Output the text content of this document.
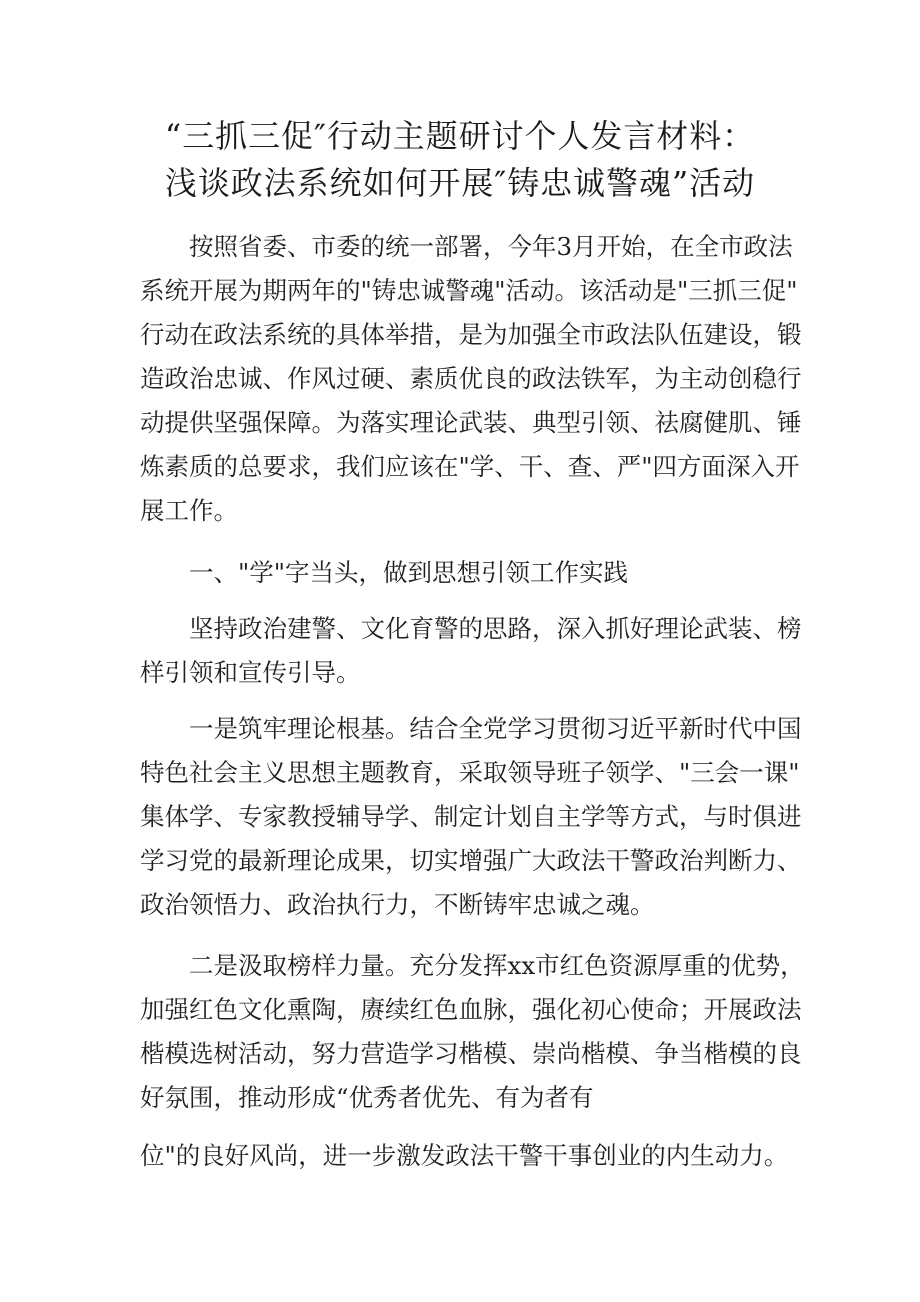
“三抓三促″行动主题研讨个人发言材料：
浅谈政法系统如何开展″铸忠诚警魂”活动
按照省委、市委的统一部署，今年3月开始，在全市政法
系统开展为期两年的"铸忠诚警魂"活动。该活动是"三抓三促"
行动在政法系统的具体举措，是为加强全市政法队伍建设，锻
造政治忠诚、作风过硬、素质优良的政法铁军，为主动创稳行
动提供坚强保障。为落实理论武装、典型引领、祛腐健肌、锤
炼素质的总要求，我们应该在"学、干、查、严"四方面深入开
展工作。
一、"学"字当头，做到思想引领工作实践
坚持政治建警、文化育警的思路，深入抓好理论武装、榜
样引领和宣传引导。
一是筑牢理论根基。结合全党学习贯彻习近平新时代中国
特色社会主义思想主题教育，采取领导班子领学、"三会一课"
集体学、专家教授辅导学、制定计划自主学等方式，与时俱进
学习党的最新理论成果，切实增强广大政法干警政治判断力、
政治领悟力、政治执行力，不断铸牢忠诚之魂。
二是汲取榜样力量。充分发挥xx市红色资源厚重的优势，
加强红色文化熏陶，赓续红色血脉，强化初心使命；开展政法
楷模选树活动，努力营造学习楷模、崇尚楷模、争当楷模的良
好氛围，推动形成“优秀者优先、有为者有
位"的良好风尚，进一步激发政法干警干事创业的内生动力。
